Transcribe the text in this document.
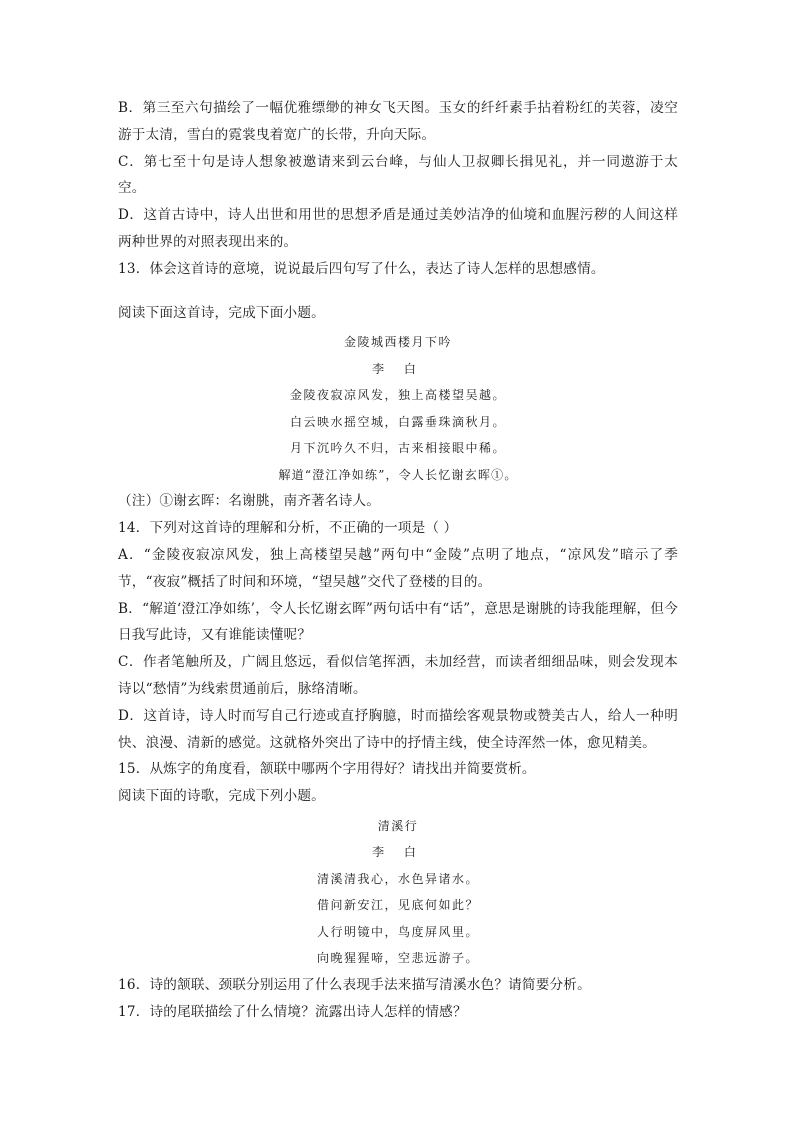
B．第三至六句描绘了一幅优雅缥缈的神女飞天图。玉女的纤纤素手拈着粉红的芙蓉，凌空游于太清，雪白的霓裳曳着宽广的长带，升向天际。

C．第七至十句是诗人想象被邀请来到云台峰，与仙人卫叔卿长揖见礼，并一同遨游于太空。

D．这首古诗中，诗人出世和用世的思想矛盾是通过美妙洁净的仙境和血腥污秽的人间这样两种世界的对照表现出来的。

13．体会这首诗的意境，说说最后四句写了什么，表达了诗人怎样的思想感情。

阅读下面这首诗，完成下面小题。

金陵城西楼月下吟

李 白

金陵夜寂凉风发，独上高楼望吴越。

白云映水摇空城，白露垂珠滴秋月。

月下沉吟久不归，古来相接眼中稀。

解道“澄江净如练”，令人长忆谢玄晖①。

（注）①谢玄晖：名谢朓，南齐著名诗人。

14．下列对这首诗的理解和分析，不正确的一项是（ ）

A．“金陵夜寂凉风发，独上高楼望吴越”两句中“金陵”点明了地点，“凉风发”暗示了季节，“夜寂”概括了时间和环境，“望吴越”交代了登楼的目的。

B．“解道‘澄江净如练’，令人长忆谢玄晖”两句话中有“话”，意思是谢朓的诗我能理解，但今日我写此诗，又有谁能读懂呢？

C．作者笔触所及，广阔且悠远，看似信笔挥洒，未加经营，而读者细细品味，则会发现本诗以“愁情”为线索贯通前后，脉络清晰。

D．这首诗，诗人时而写自己行迹或直抒胸臆，时而描绘客观景物或赞美古人，给人一种明快、浪漫、清新的感觉。这就格外突出了诗中的抒情主线，使全诗浑然一体，愈见精美。

15．从炼字的角度看，颔联中哪两个字用得好？请找出并简要赏析。

阅读下面的诗歌，完成下列小题。

清溪行

李 白

清溪清我心，水色异诸水。

借问新安江，见底何如此？

人行明镜中，鸟度屏风里。

向晚猩猩啼，空悲远游子。

16．诗的颔联、颈联分别运用了什么表现手法来描写清溪水色？请简要分析。

17．诗的尾联描绘了什么情境？流露出诗人怎样的情感？
